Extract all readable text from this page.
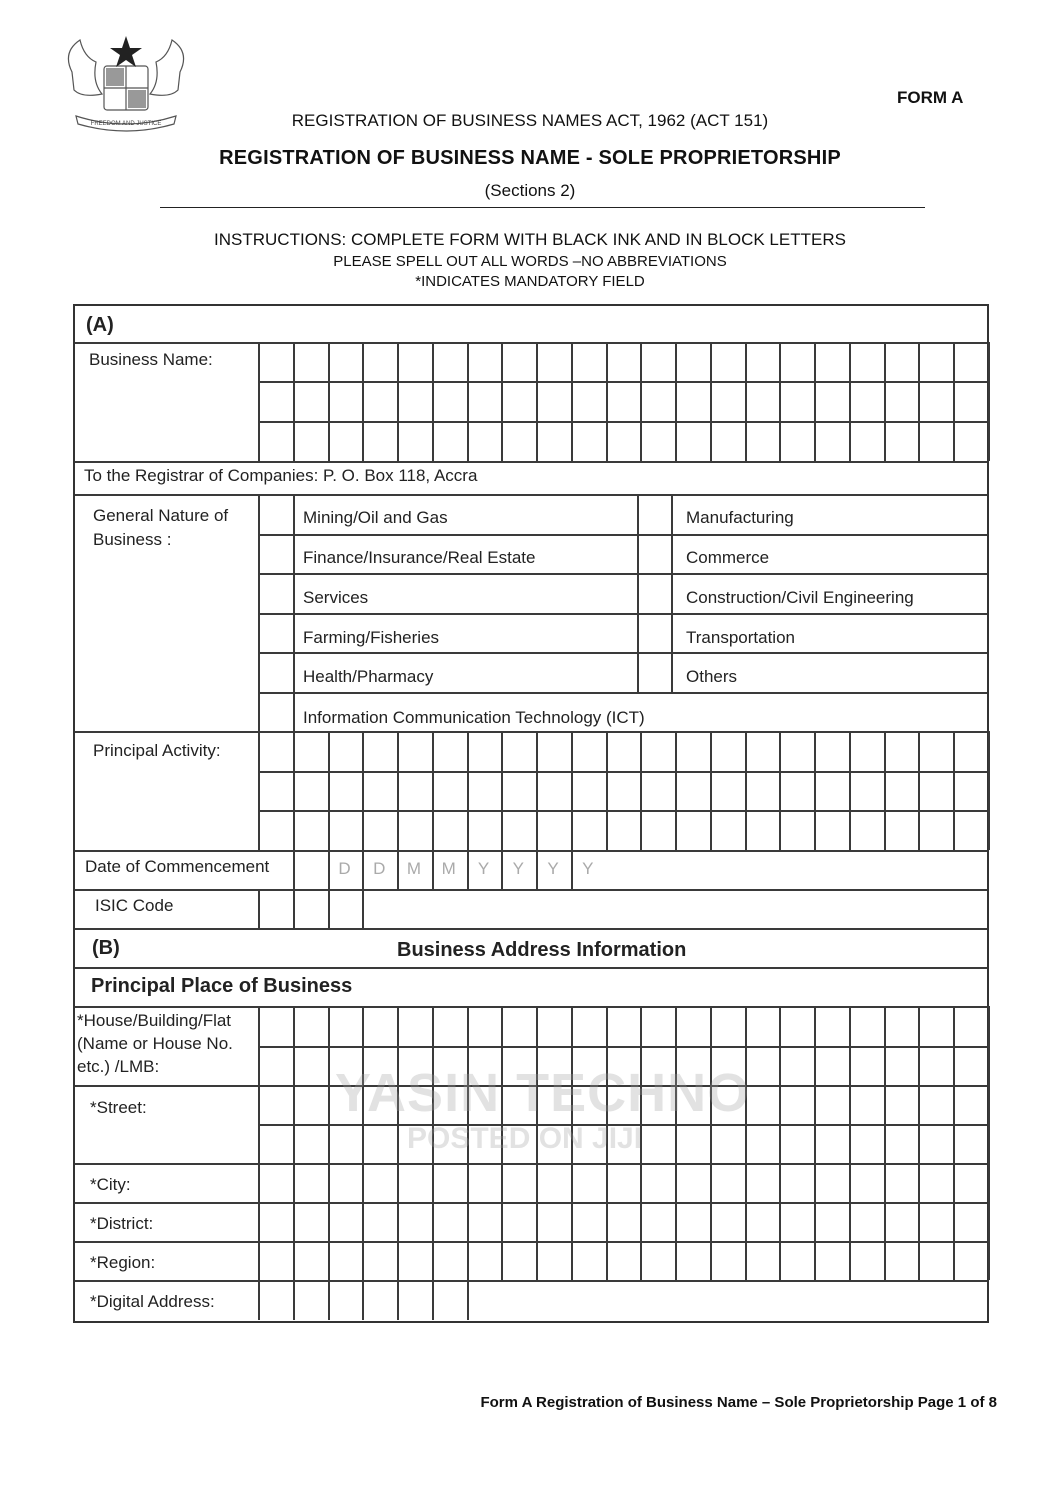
FREEDOM AND JUSTICE
FORM A
REGISTRATION OF BUSINESS NAMES ACT, 1962 (ACT 151)
REGISTRATION OF BUSINESS NAME - SOLE PROPRIETORSHIP
(Sections 2)
INSTRUCTIONS: COMPLETE FORM WITH BLACK INK AND IN BLOCK LETTERS
PLEASE SPELL OUT ALL WORDS –NO ABBREVIATIONS
*INDICATES MANDATORY FIELD
(A)
Business Name:
To the Registrar of Companies: P. O. Box 118, Accra
General Nature of
Business :
Mining/Oil and Gas	Manufacturing
Finance/Insurance/Real Estate	Commerce
Services	Construction/Civil Engineering
Farming/Fisheries	Transportation
Health/Pharmacy	Others
Information Communication Technology (ICT)
Principal Activity:
Date of Commencement	D	D	M	M	Y	Y	Y	Y
ISIC Code
(B)	Business Address Information
Principal Place of Business
*House/Building/Flat
(Name or House No.
etc.) /LMB:
*Street:
*City:
*District:
*Region:
*Digital Address:
YASIN TECHNO
POSTED ON JIJI
Form A Registration of Business Name – Sole Proprietorship Page 1 of 8
